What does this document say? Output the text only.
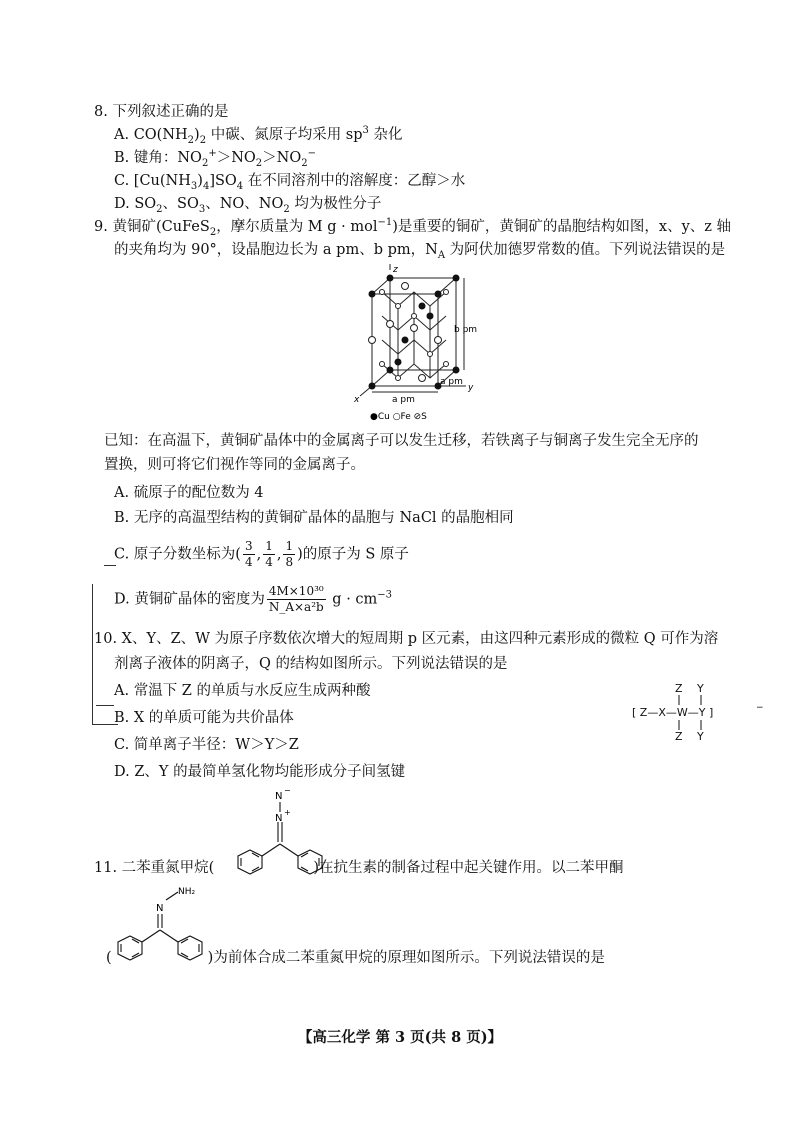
8. 下列叙述正确的是
A. $CO(NH_2)_2$ 中碳、氮原子均采用 $sp^3$ 杂化
B. 键角：$NO_2^+>NO_2>NO_2^-$
C. $[Cu(NH_3)_4]SO_4$ 在不同溶剂中的溶解度：乙醇＞水
D. $SO_2$、$SO_3$、NO、$NO_2$ 均为极性分子
9. 黄铜矿(CuFeS$_2$，摩尔质量为 M g · mol$^{-1}$)是重要的铜矿，黄铜矿的晶胞结构如图，x、y、z 轴
的夹角均为 90°，设晶胞边长为 a pm、b pm，$N_A$ 为阿伏加德罗常数的值。下列说法错误的是
z
x
y
b pm
a pm
a pm
●Cu ○Fe ⊘S
已知：在高温下，黄铜矿晶体中的金属离子可以发生迁移，若铁离子与铜离子发生完全无序的
置换，则可将它们视作等同的金属离子。
A. 硫原子的配位数为 4
B. 无序的高温型结构的黄铜矿晶体的晶胞与 NaCl 的晶胞相同
C. 原子分数坐标为( $\frac{3}{4}$ , $\frac{1}{4}$ , $\frac{1}{8}$ )的原子为 S 原子
D. 黄铜矿晶体的密度为 $\frac{\text{4M×10³⁰}}{\text{N\_A×a²b}}$ $g \cdot cm^{-3}$
10. X、Y、Z、W 为原子序数依次增大的短周期 p 区元素，由这四种元素形成的微粒 Q 可作为溶
剂离子液体的阴离子，Q 的结构如图所示。下列说法错误的是
A. 常温下 Z 的单质与水反应生成两种酸
B. X 的单质可能为共价晶体
C. 简单离子半径：W＞Y＞Z
D. Z、Y 的最简单氢化物均能形成分子间氢键
Z Y
[ Z—X—W—Y ]	−
Z Y
N
−
N
+
11. 二苯重氮甲烷(	)在抗生素的制备过程中起关键作用。以二苯甲酮
NH₂
N
(	)为前体合成二苯重氮甲烷的原理如图所示。下列说法错误的是
【高三化学 第 3 页(共 8 页)】
